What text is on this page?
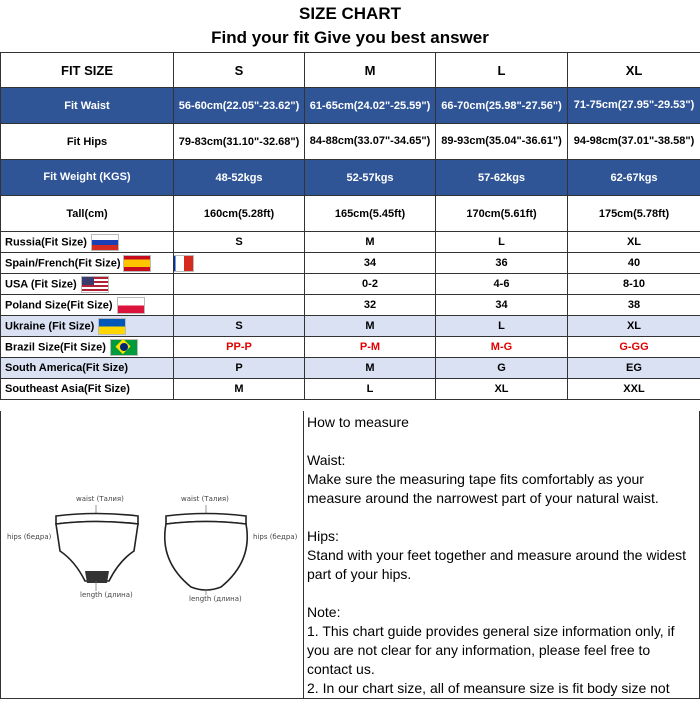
SIZE CHART
Find your fit Give you best answer
FIT SIZE	S	M	L	XL
Fit Waist	56-60cm(22.05"-23.62")	61-65cm(24.02"-25.59")	66-70cm(25.98"-27.56")	71-75cm(27.95"-29.53")
Fit Hips	79-83cm(31.10"-32.68")	84-88cm(33.07"-34.65")	89-93cm(35.04"-36.61")	94-98cm(37.01"-38.58")
Fit Weight (KGS)	48-52kgs	52-57kgs	57-62kgs	62-67kgs
Tall(cm)	160cm(5.28ft)	165cm(5.45ft)	170cm(5.61ft)	175cm(5.78ft)
Russia(Fit Size)	S	M	L	XL
Spain/French(Fit Size)		34	36	40
USA (Fit Size)		0-2	4-6	8-10
Poland Size(Fit Size)		32	34	38
Ukraine (Fit Size)	S	M	L	XL
Brazil Size(Fit Size)	PP-P	P-M	M-G	G-GG
South America(Fit Size)	P	M	G	EG
Southeast Asia(Fit Size)	M	L	XL	XXL
waist (Талия)
hips (бедра)
length (длина)
waist (Талия)
hips (бедра)
length (длина)

How to measure

Waist:

Make sure the measuring tape fits comfortably as your measure around the narrowest part of your natural waist.

Hips:

Stand with your feet together and measure around the widest part of your hips.

Note:

1. This chart guide provides general size information only, if you are not clear for any information, please feel free to contact us.

2. In our chart size, all of meansure size is fit body size not
